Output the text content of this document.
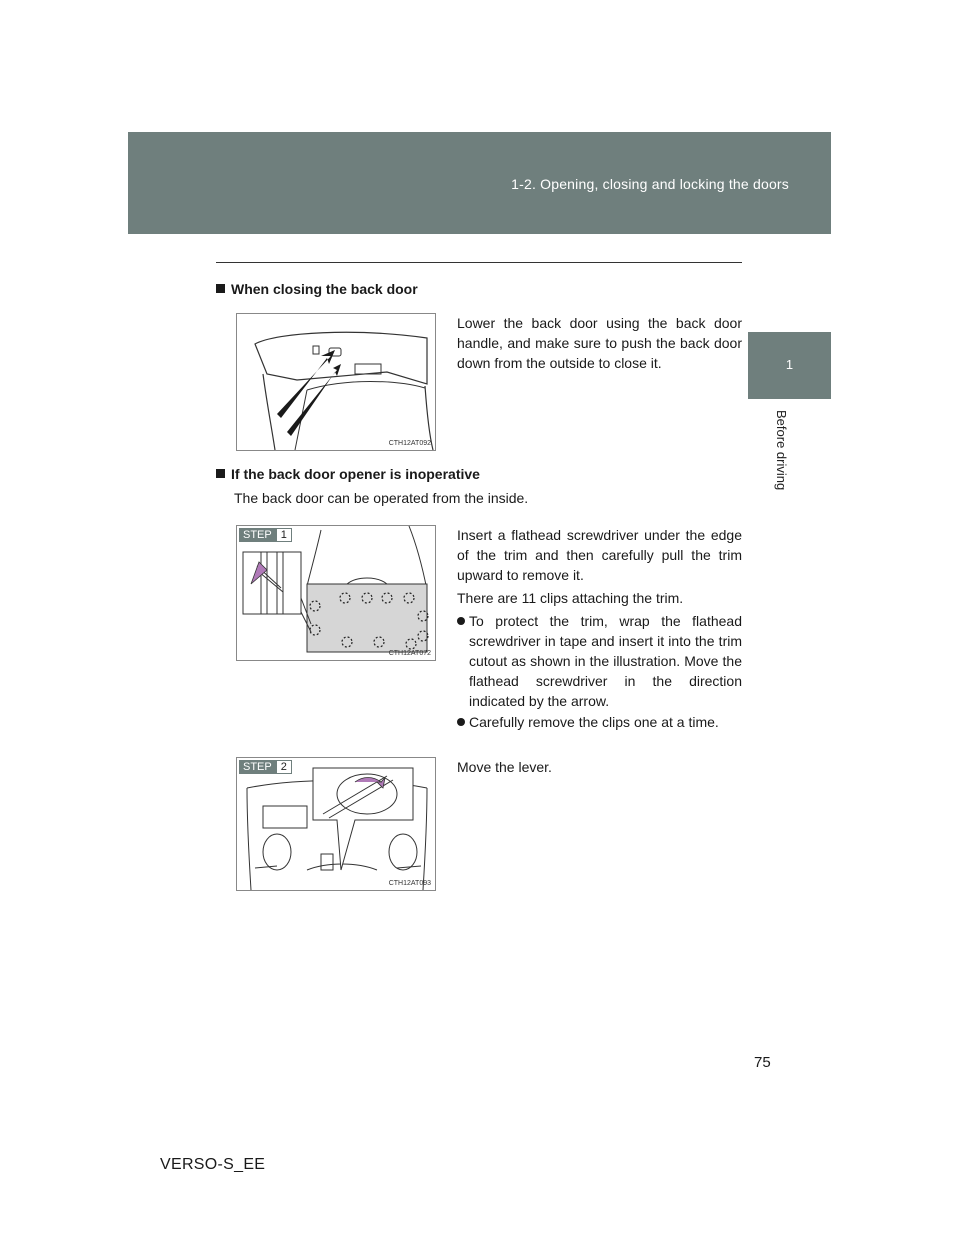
1-2. Opening, closing and locking the doors
1
Before driving
When closing the back door
CTH12AT092
Lower the back door using the back door handle, and make sure to push the back door down from the outside to close it.
If the back door opener is inoperative
The back door can be operated from the inside.
STEP 1
CTH12AT072
Insert a flathead screwdriver under the edge of the trim and then carefully pull the trim upward to remove it.
There are 11 clips attaching the trim.
To protect the trim, wrap the flathead screwdriver in tape and insert it into the trim cutout as shown in the illustration. Move the flathead screwdriver in the direction indicated by the arrow.
Carefully remove the clips one at a time.
STEP 2
CTH12AT093
Move the lever.
75
VERSO-S_EE
